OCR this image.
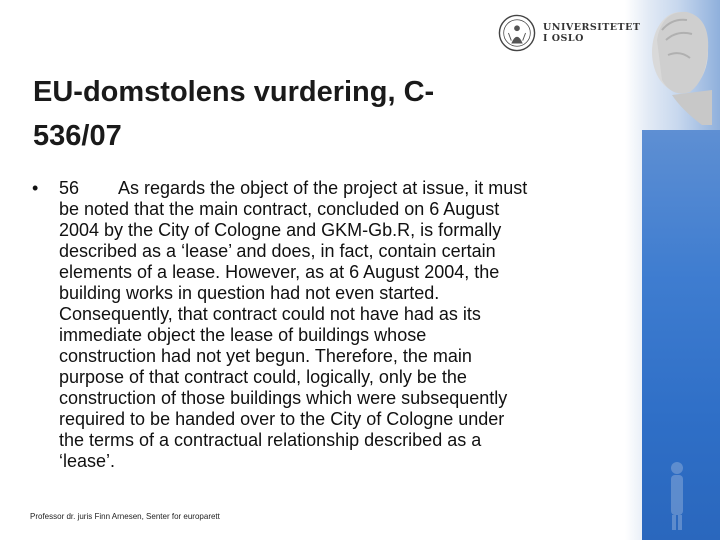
UNIVERSITETET
I OSLO
EU-domstolens vurdering, C-
536/07
•	56        As regards the object of the project at issue, it must
be noted that the main contract, concluded on 6 August
2004 by the City of Cologne and GKM‑Gb.R, is formally
described as a ‘lease’ and does, in fact, contain certain
elements of a lease. However, as at 6 August 2004, the
building works in question had not even started.
Consequently, that contract could not have had as its
immediate object the lease of buildings whose
construction had not yet begun. Therefore, the main
purpose of that contract could, logically, only be the
construction of those buildings which were subsequently
required to be handed over to the City of Cologne under
the terms of a contractual relationship described as a
‘lease’.
Professor dr. juris Finn Arnesen, Senter for europarett
